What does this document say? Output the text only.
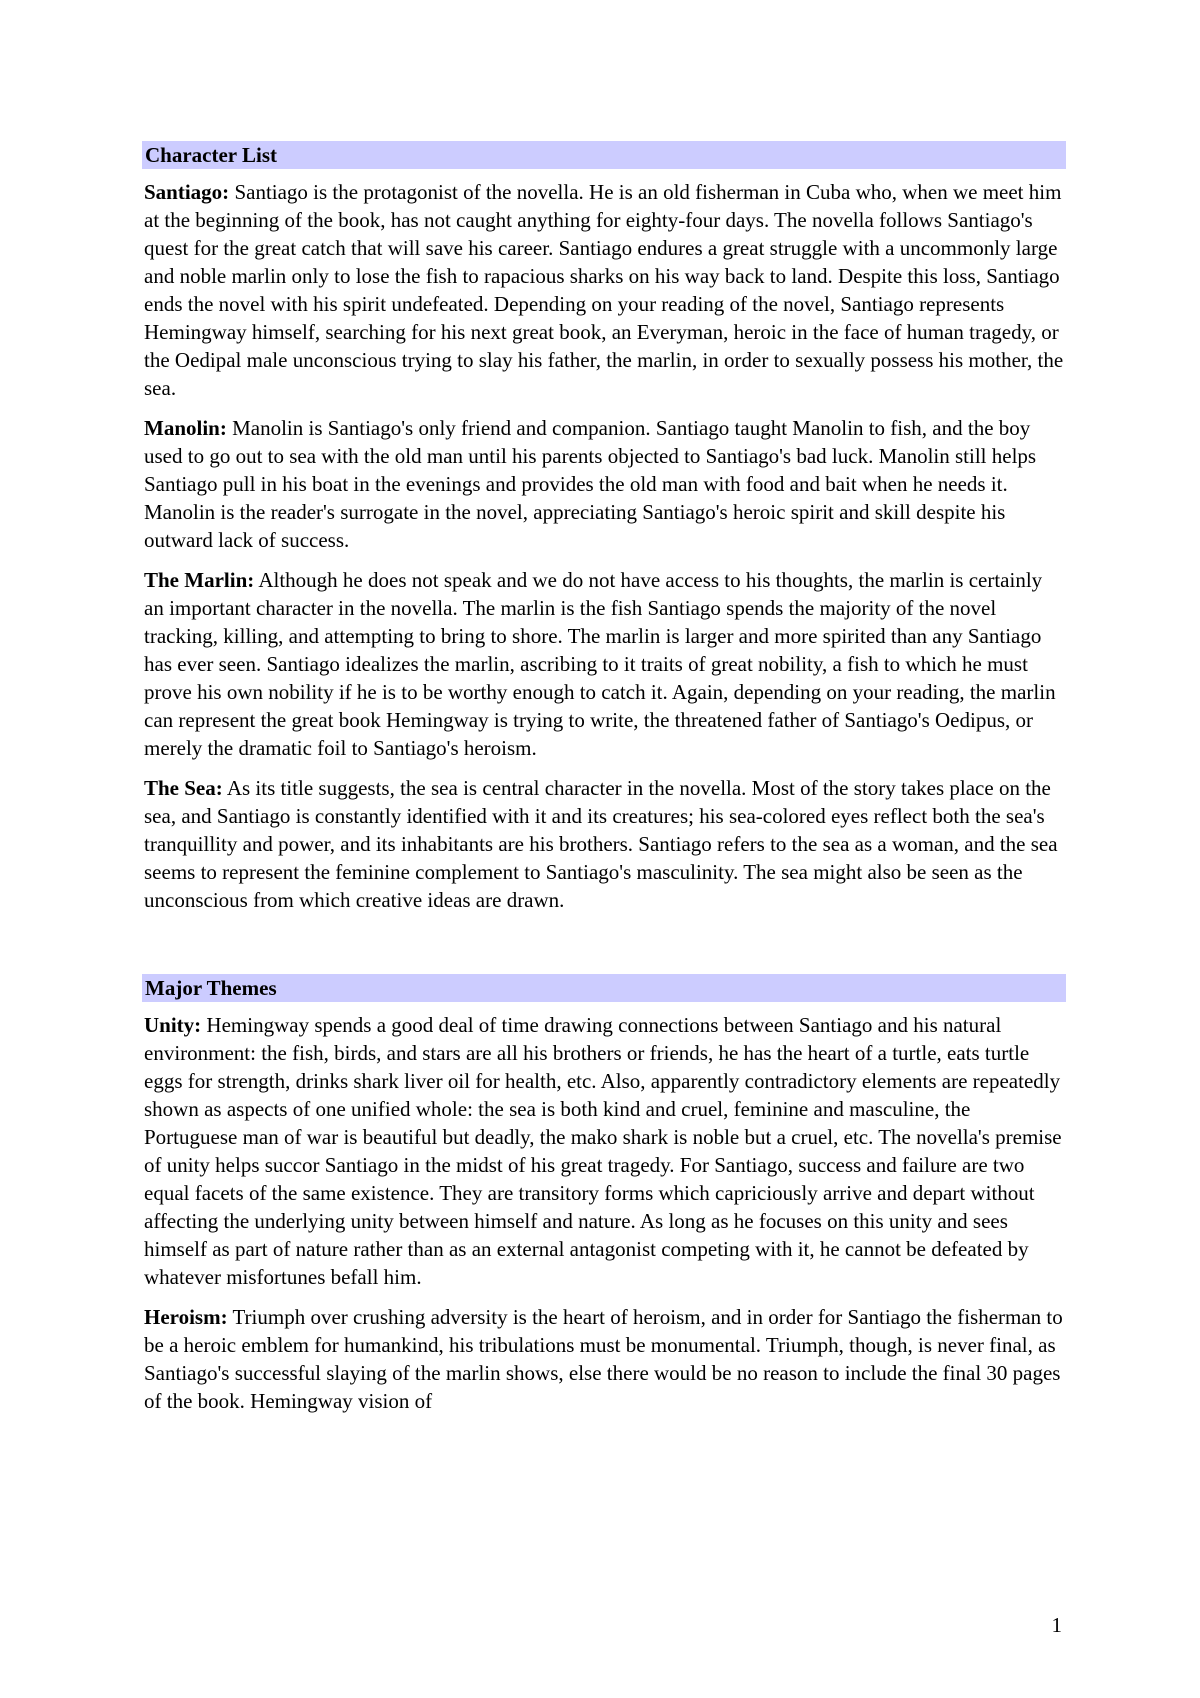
Character List

Santiago: Santiago is the protagonist of the novella. He is an old fisherman in Cuba who, when we meet him at the beginning of the book, has not caught anything for eighty-four days. The novella follows Santiago's quest for the great catch that will save his career. Santiago endures a great struggle with a uncommonly large and noble marlin only to lose the fish to rapacious sharks on his way back to land. Despite this loss, Santiago ends the novel with his spirit undefeated. Depending on your reading of the novel, Santiago represents Hemingway himself, searching for his next great book, an Everyman, heroic in the face of human tragedy, or the Oedipal male unconscious trying to slay his father, the marlin, in order to sexually possess his mother, the sea.

Manolin: Manolin is Santiago's only friend and companion. Santiago taught Manolin to fish, and the boy used to go out to sea with the old man until his parents objected to Santiago's bad luck. Manolin still helps Santiago pull in his boat in the evenings and provides the old man with food and bait when he needs it. Manolin is the reader's surrogate in the novel, appreciating Santiago's heroic spirit and skill despite his outward lack of success.

The Marlin: Although he does not speak and we do not have access to his thoughts, the marlin is certainly an important character in the novella. The marlin is the fish Santiago spends the majority of the novel tracking, killing, and attempting to bring to shore. The marlin is larger and more spirited than any Santiago has ever seen. Santiago idealizes the marlin, ascribing to it traits of great nobility, a fish to which he must prove his own nobility if he is to be worthy enough to catch it. Again, depending on your reading, the marlin can represent the great book Hemingway is trying to write, the threatened father of Santiago's Oedipus, or merely the dramatic foil to Santiago's heroism.

The Sea: As its title suggests, the sea is central character in the novella. Most of the story takes place on the sea, and Santiago is constantly identified with it and its creatures; his sea-colored eyes reflect both the sea's tranquillity and power, and its inhabitants are his brothers. Santiago refers to the sea as a woman, and the sea seems to represent the feminine complement to Santiago's masculinity. The sea might also be seen as the unconscious from which creative ideas are drawn.

Major Themes

Unity: Hemingway spends a good deal of time drawing connections between Santiago and his natural environment: the fish, birds, and stars are all his brothers or friends, he has the heart of a turtle, eats turtle eggs for strength, drinks shark liver oil for health, etc. Also, apparently contradictory elements are repeatedly shown as aspects of one unified whole: the sea is both kind and cruel, feminine and masculine, the Portuguese man of war is beautiful but deadly, the mako shark is noble but a cruel, etc. The novella's premise of unity helps succor Santiago in the midst of his great tragedy. For Santiago, success and failure are two equal facets of the same existence. They are transitory forms which capriciously arrive and depart without affecting the underlying unity between himself and nature. As long as he focuses on this unity and sees himself as part of nature rather than as an external antagonist competing with it, he cannot be defeated by whatever misfortunes befall him.

Heroism: Triumph over crushing adversity is the heart of heroism, and in order for Santiago the fisherman to be a heroic emblem for humankind, his tribulations must be monumental. Triumph, though, is never final, as Santiago's successful slaying of the marlin shows, else there would be no reason to include the final 30 pages of the book. Hemingway vision of

1
